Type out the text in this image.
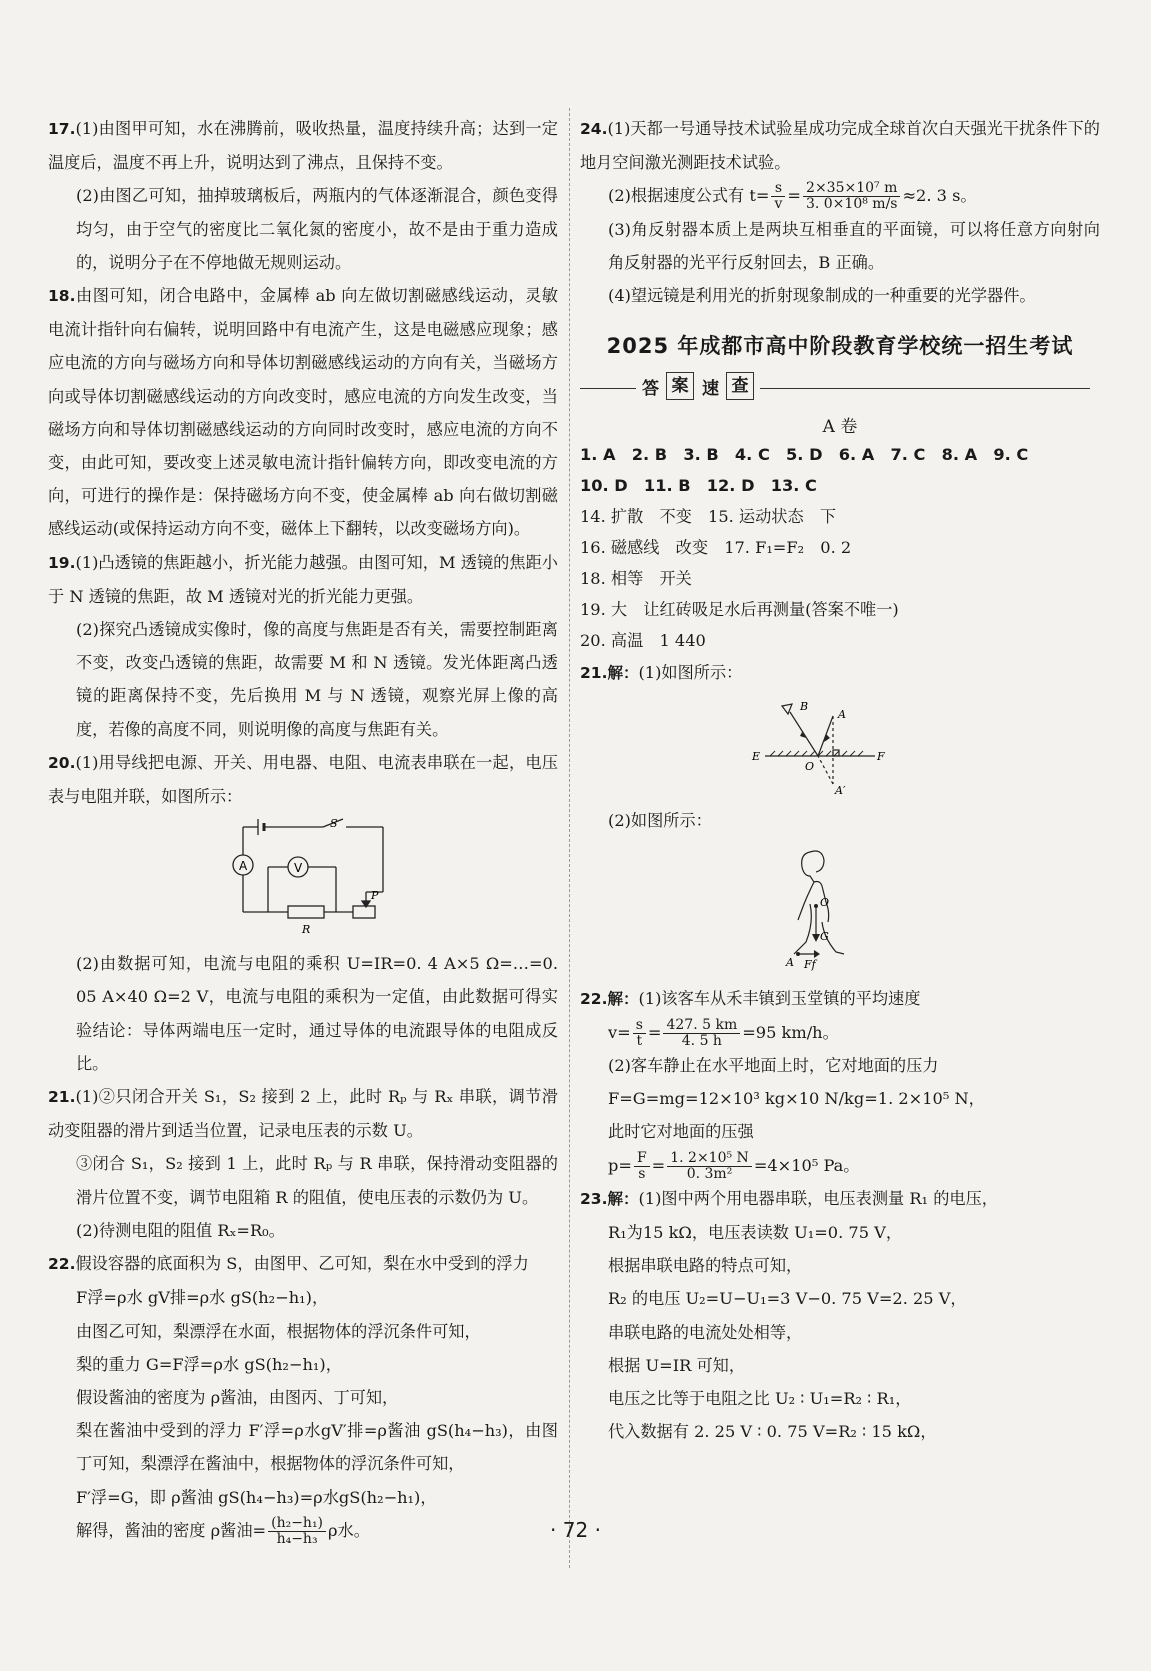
17.(1)由图甲可知，水在沸腾前，吸收热量，温度持续升高；达到一定温度后，温度不再上升，说明达到了沸点，且保持不变。

(2)由图乙可知，抽掉玻璃板后，两瓶内的气体逐渐混合，颜色变得均匀，由于空气的密度比二氧化氮的密度小，故不是由于重力造成的，说明分子在不停地做无规则运动。

18.由图可知，闭合电路中，金属棒 ab 向左做切割磁感线运动，灵敏电流计指针向右偏转，说明回路中有电流产生，这是电磁感应现象；感应电流的方向与磁场方向和导体切割磁感线运动的方向有关，当磁场方向或导体切割磁感线运动的方向改变时，感应电流的方向发生改变，当磁场方向和导体切割磁感线运动的方向同时改变时，感应电流的方向不变，由此可知，要改变上述灵敏电流计指针偏转方向，即改变电流的方向，可进行的操作是：保持磁场方向不变，使金属棒 ab 向右做切割磁感线运动(或保持运动方向不变，磁体上下翻转，以改变磁场方向)。

19.(1)凸透镜的焦距越小，折光能力越强。由图可知，M 透镜的焦距小于 N 透镜的焦距，故 M 透镜对光的折光能力更强。

(2)探究凸透镜成实像时，像的高度与焦距是否有关，需要控制距离不变，改变凸透镜的焦距，故需要 M 和 N 透镜。发光体距离凸透镜的距离保持不变，先后换用 M 与 N 透镜，观察光屏上像的高度，若像的高度不同，则说明像的高度与焦距有关。

20.(1)用导线把电源、开关、用电器、电阻、电流表串联在一起，电压表与电阻并联，如图所示：

A	V
S
P
R

(2)由数据可知，电流与电阻的乘积 U=IR=0. 4 A×5 Ω=…=0. 05 A×40 Ω=2 V，电流与电阻的乘积为一定值，由此数据可得实验结论：导体两端电压一定时，通过导体的电流跟导体的电阻成反比。

21.(1)②只闭合开关 S₁，S₂ 接到 2 上，此时 Rₚ 与 Rₓ 串联，调节滑动变阻器的滑片到适当位置，记录电压表的示数 U。

③闭合 S₁，S₂ 接到 1 上，此时 Rₚ 与 R 串联，保持滑动变阻器的滑片位置不变，调节电阻箱 R 的阻值，使电压表的示数仍为 U。

(2)待测电阻的阻值 Rₓ=R₀。

22.假设容器的底面积为 S，由图甲、乙可知，梨在水中受到的浮力

F浮=ρ水 gV排=ρ水 gS(h₂−h₁)，

由图乙可知，梨漂浮在水面，根据物体的浮沉条件可知，

梨的重力 G=F浮=ρ水 gS(h₂−h₁)，

假设酱油的密度为 ρ酱油，由图丙、丁可知，

梨在酱油中受到的浮力 F′浮=ρ水gV′排=ρ酱油 gS(h₄−h₃)，由图丁可知，梨漂浮在酱油中，根据物体的浮沉条件可知，

F′浮=G，即 ρ酱油 gS(h₄−h₃)=ρ水gS(h₂−h₁)，

解得，酱油的密度 ρ酱油= $\frac{\text{(h₂−h₁)}}{\text{h₄−h₃}}$ ρ水。

24.(1)天都一号通导技术试验星成功完成全球首次白天强光干扰条件下的地月空间激光测距技术试验。

(2)根据速度公式有 $t= \frac{s}{v} = \frac{\text{2×35×10⁷ m}}{\text{3. 0×10⁸ m/s}} \approx 2$. 3 s。

(3)角反射器本质上是两块互相垂直的平面镜，可以将任意方向射向角反射器的光平行反射回去，B 正确。

(4)望远镜是利用光的折射现象制成的一种重要的光学器件。

2025 年成都市高中阶段教育学校统一招生考试
答 案 速 查
A 卷

1. A　2. B　3. B　4. C　5. D　6. A　7. C　8. A　9. C

10. D　11. B　12. D　13. C

14. 扩散　不变　15. 运动状态　下

16. 磁感线　改变　17. F₁=F₂　0. 2

18. 相等　开关

19. 大　让红砖吸足水后再测量(答案不唯一)

20. 高温　1 440

21.解：(1)如图所示：

B
A
E	F
O
A′

(2)如图所示：

O
G
A Ff

22.解：(1)该客车从禾丰镇到玉堂镇的平均速度

$v= \frac{s}{t} = \frac{427. 5 km}{4. 5 h} =95$ km/h。

(2)客车静止在水平地面上时，它对地面的压力

F=G=mg=12×10³ kg×10 N/kg=1. 2×10⁵ N，

此时它对地面的压强

$p= \frac{F}{s} = \frac{\text{1. 2×10⁵ N}}{\text{0. 3m²}} =4\times 10^5$ Pa。

23.解：(1)图中两个用电器串联，电压表测量 R₁ 的电压，

R₁为15 kΩ，电压表读数 U₁=0. 75 V，

根据串联电路的特点可知，

R₂ 的电压 U₂=U−U₁=3 V−0. 75 V=2. 25 V，

串联电路的电流处处相等，

根据 U=IR 可知，

电压之比等于电阻之比 U₂ ∶ U₁=R₂ ∶ R₁，

代入数据有 2. 25 V ∶ 0. 75 V=R₂ ∶ 15 kΩ，

· 72 ·
